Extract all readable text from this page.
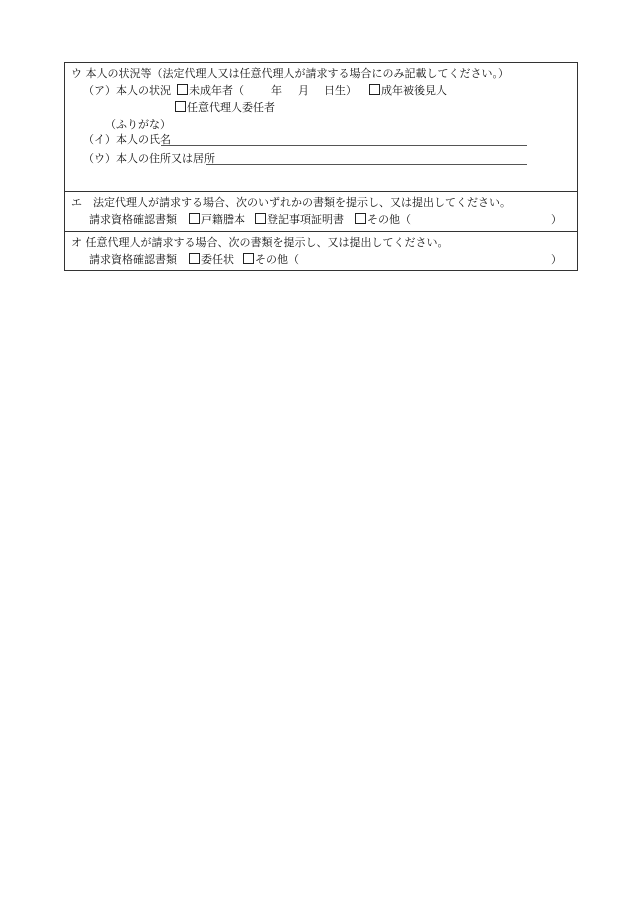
ウ 本人の状況等（法定代理人又は任意代理人が請求する場合にのみ記載してください。）
（ア）本人の状況	未成年者（ 年 月 日生）	成年被後見人
任意代理人委任者
（ふりがな）
（イ）本人の氏名
（ウ）本人の住所又は居所
エ　法定代理人が請求する場合、次のいずれかの書類を提示し、又は提出してください。
請求資格確認書類	戸籍謄本	登記事項証明書	その他（	）
オ 任意代理人が請求する場合、次の書類を提示し、又は提出してください。
請求資格確認書類	委任状	その他（	）
